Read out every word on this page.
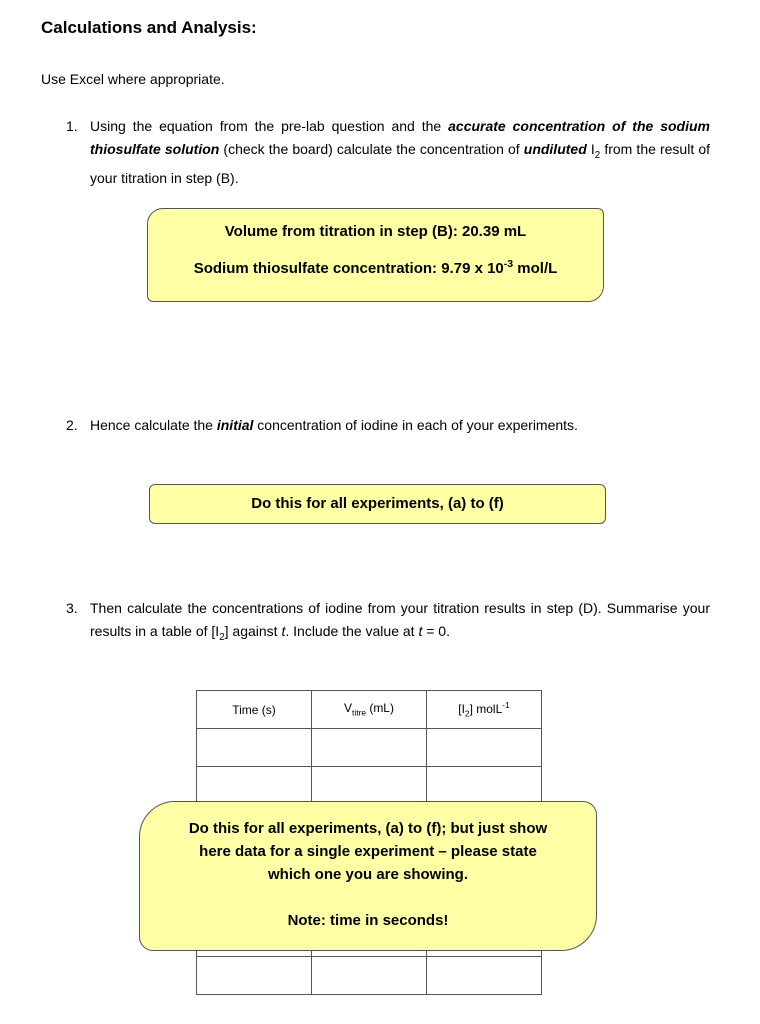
Calculations and Analysis:
Use Excel where appropriate.
1. Using the equation from the pre-lab question and the accurate concentration of the sodium thiosulfate solution (check the board) calculate the concentration of undiluted $I_2$ from the result of your titration in step (B).
Volume from titration in step (B): 20.39 mL
Sodium thiosulfate concentration: 9.79 x $10^{-3}$ mol/L
2. Hence calculate the initial concentration of iodine in each of your experiments.
Do this for all experiments, (a) to (f)
3. Then calculate the concentrations of iodine from your titration results in step (D). Summarise your results in a table of $[I_2]$ against t. Include the value at t = 0.
Time (s)	$V_{titre}$ (mL)	$[I_2]$ molL$^{-1}$

Do this for all experiments, (a) to (f); but just show
here data for a single experiment – please state
which one you are showing.
Note: time in seconds!
